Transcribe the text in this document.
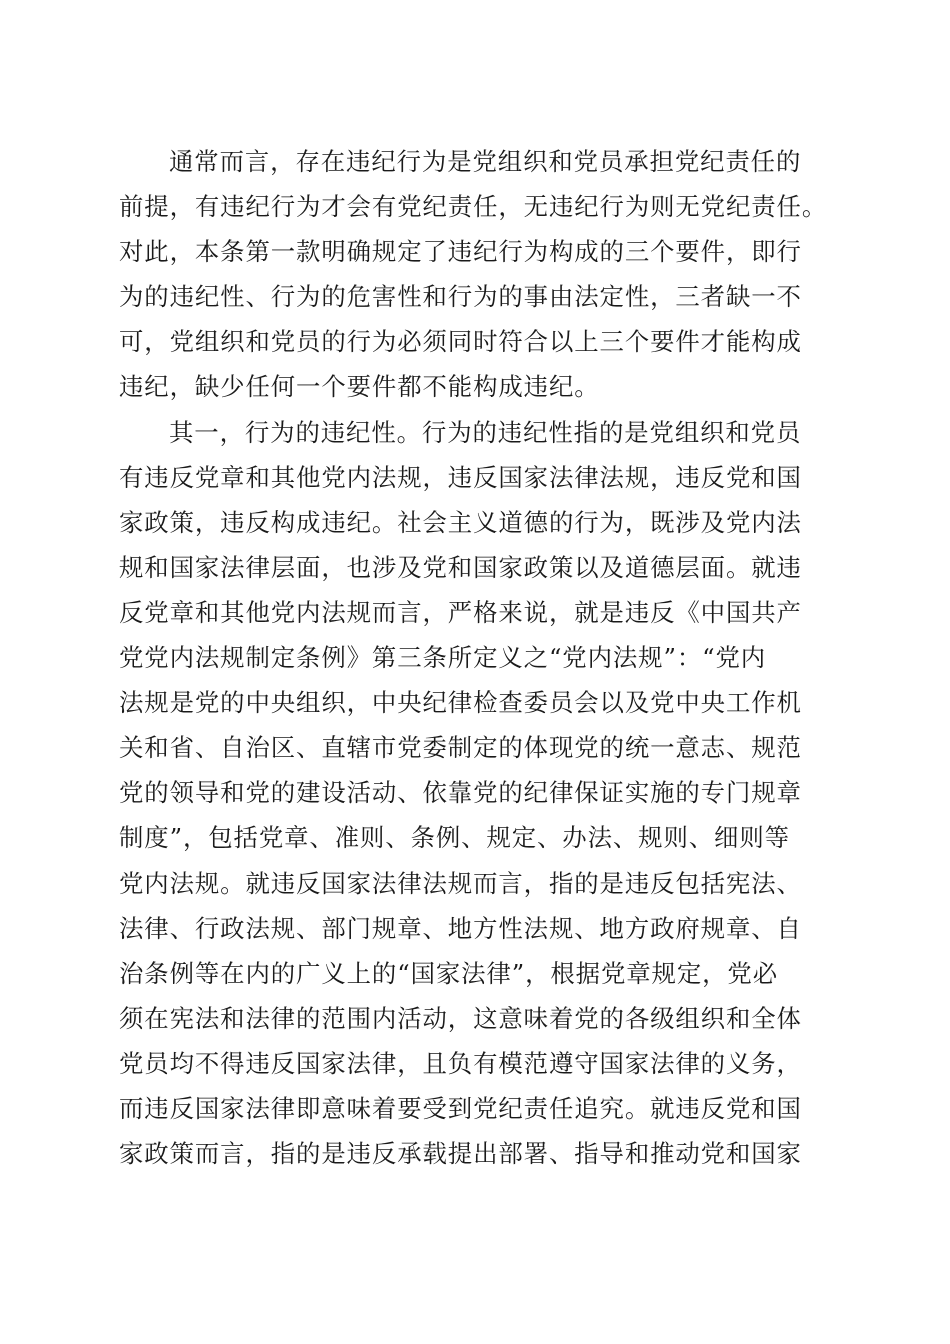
通常而言，存在违纪行为是党组织和党员承担党纪责任的
前提，有违纪行为才会有党纪责任，无违纪行为则无党纪责任。
对此，本条第一款明确规定了违纪行为构成的三个要件，即行
为的违纪性、行为的危害性和行为的事由法定性，三者缺一不
可，党组织和党员的行为必须同时符合以上三个要件才能构成
违纪，缺少任何一个要件都不能构成违纪。
其一，行为的违纪性。行为的违纪性指的是党组织和党员
有违反党章和其他党内法规，违反国家法律法规，违反党和国
家政策，违反构成违纪。社会主义道德的行为，既涉及党内法
规和国家法律层面，也涉及党和国家政策以及道德层面。就违
反党章和其他党内法规而言，严格来说，就是违反《中国共产
党党内法规制定条例》第三条所定义之“党内法规”：“党内
法规是党的中央组织，中央纪律检查委员会以及党中央工作机
关和省、自治区、直辖市党委制定的体现党的统一意志、规范
党的领导和党的建设活动、依靠党的纪律保证实施的专门规章
制度”，包括党章、准则、条例、规定、办法、规则、细则等
党内法规。就违反国家法律法规而言，指的是违反包括宪法、
法律、行政法规、部门规章、地方性法规、地方政府规章、自
治条例等在内的广义上的“国家法律”，根据党章规定，党必
须在宪法和法律的范围内活动，这意味着党的各级组织和全体
党员均不得违反国家法律，且负有模范遵守国家法律的义务，
而违反国家法律即意味着要受到党纪责任追究。就违反党和国
家政策而言，指的是违反承载提出部署、指导和推动党和国家
